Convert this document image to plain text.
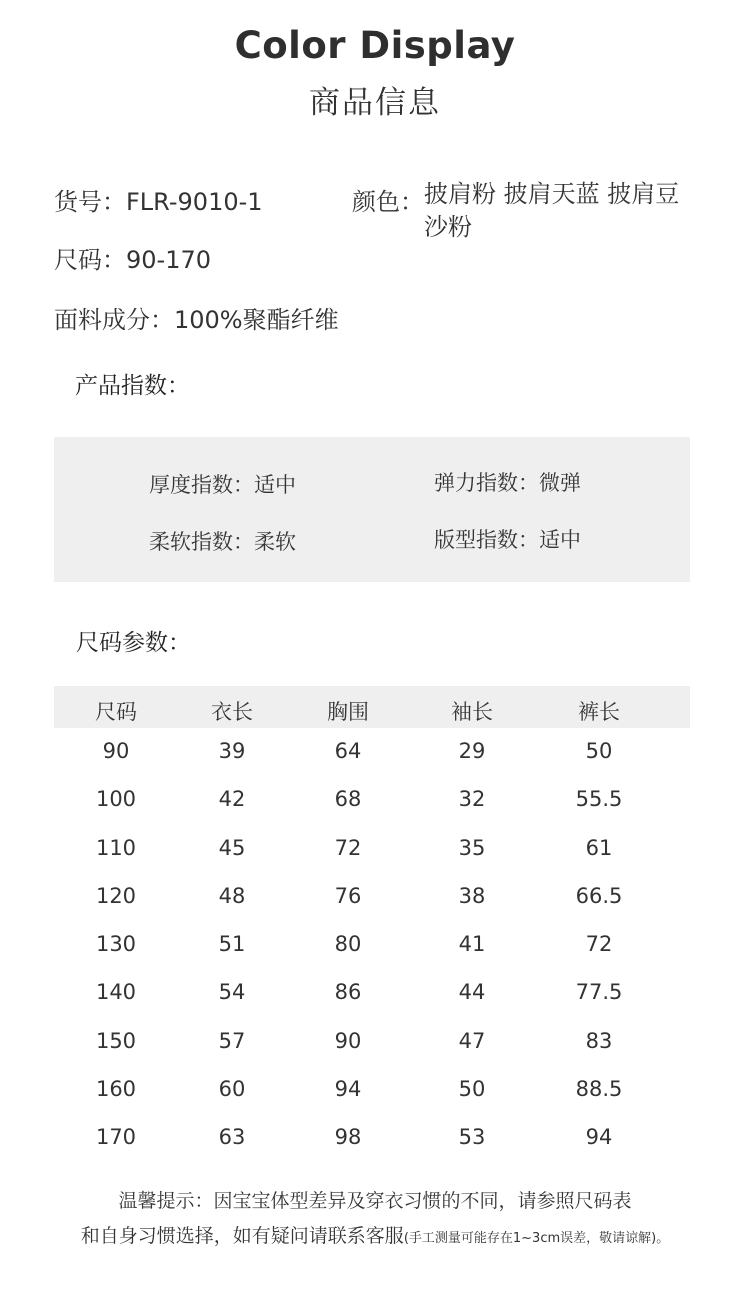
Color Display
商品信息
货号：FLR-9010-1	颜色： 披肩粉 披肩天蓝 披肩豆沙粉
尺码：90-170
面料成分：100%聚酯纤维
产品指数：
厚度指数：适中	弹力指数：微弹
柔软指数：柔软	版型指数：适中
尺码参数：
尺码	衣长	胸围	袖长	裤长
90	39	64	29	50
100	42	68	32	55.5
110	45	72	35	61
120	48	76	38	66.5
130	51	80	41	72
140	54	86	44	77.5
150	57	90	47	83
160	60	94	50	88.5
170	63	98	53	94
温馨提示：因宝宝体型差异及穿衣习惯的不同，请参照尺码表
和自身习惯选择，如有疑问请联系客服(手工测量可能存在1~3cm误差，敬请谅解)。
